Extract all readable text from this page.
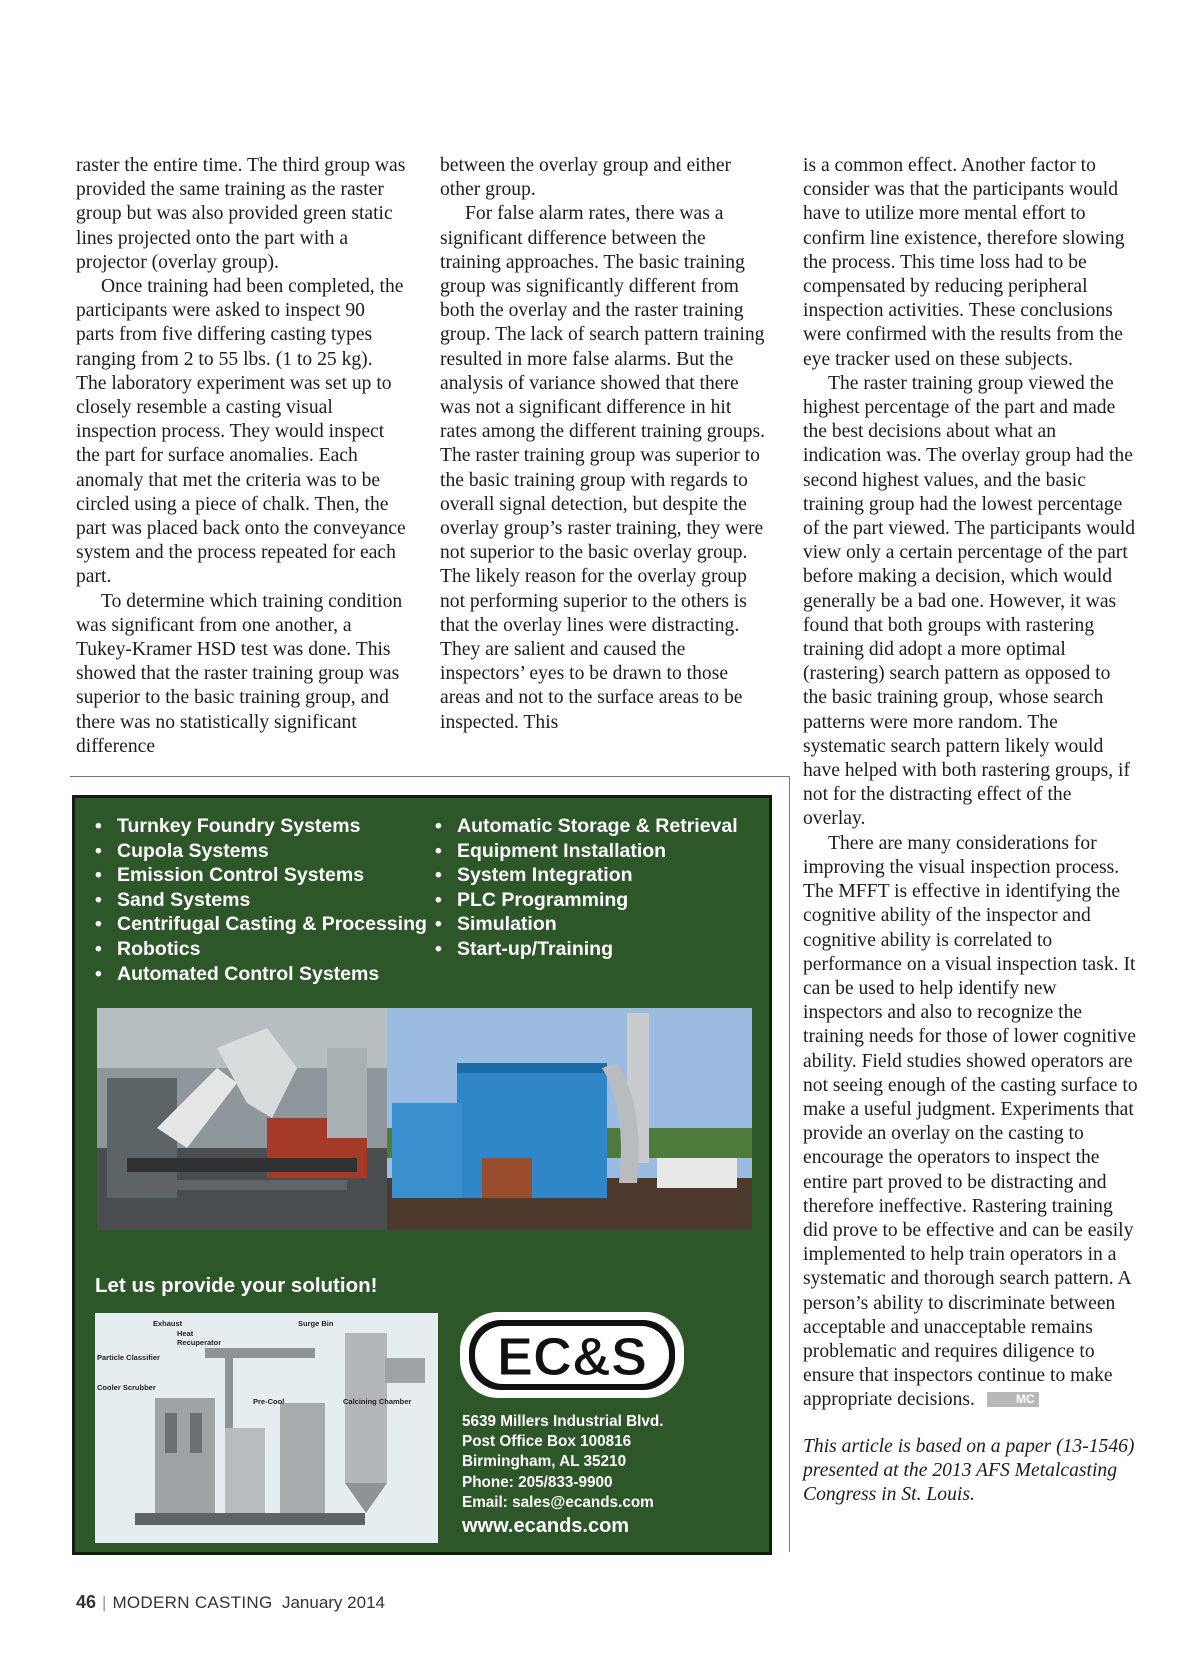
raster the entire time. The third group was provided the same training as the raster group but was also provided green static lines projected onto the part with a projector (overlay group).

Once training had been completed, the participants were asked to inspect 90 parts from five differing casting types ranging from 2 to 55 lbs. (1 to 25 kg). The laboratory experiment was set up to closely resemble a casting visual inspection process. They would inspect the part for surface anomalies. Each anomaly that met the criteria was to be circled using a piece of chalk. Then, the part was placed back onto the conveyance system and the process repeated for each part.

To determine which training condition was significant from one another, a Tukey-Kramer HSD test was done. This showed that the raster training group was superior to the basic training group, and there was no statistically significant difference

between the overlay group and either other group.

For false alarm rates, there was a significant difference between the training approaches. The basic training group was significantly different from both the overlay and the raster training group. The lack of search pattern training resulted in more false alarms. But the analysis of variance showed that there was not a significant difference in hit rates among the different training groups. The raster training group was superior to the basic training group with regards to overall signal detection, but despite the overlay group’s raster training, they were not superior to the basic overlay group. The likely reason for the overlay group not performing superior to the others is that the overlay lines were distracting. They are salient and caused the inspectors’ eyes to be drawn to those areas and not to the surface areas to be inspected. This

is a common effect. Another factor to consider was that the participants would have to utilize more mental effort to confirm line existence, therefore slowing the process. This time loss had to be compensated by reducing peripheral inspection activities. These conclusions were confirmed with the results from the eye tracker used on these subjects.

The raster training group viewed the highest percentage of the part and made the best decisions about what an indication was. The overlay group had the second highest values, and the basic training group had the lowest percentage of the part viewed. The participants would view only a certain percentage of the part before making a decision, which would generally be a bad one. However, it was found that both groups with rastering training did adopt a more optimal (rastering) search pattern as opposed to the basic training group, whose search patterns were more random. The systematic search pattern likely would have helped with both rastering groups, if not for the distracting effect of the overlay.

There are many considerations for improving the visual inspection process. The MFFT is effective in identifying the cognitive ability of the inspector and cognitive ability is correlated to performance on a visual inspection task. It can be used to help identify new inspectors and also to recognize the training needs for those of lower cognitive ability. Field studies showed operators are not seeing enough of the casting surface to make a useful judgment. Experiments that provide an overlay on the casting to encourage the operators to inspect the entire part proved to be distracting and therefore ineffective. Rastering training did prove to be effective and can be easily implemented to help train operators in a systematic and thorough search pattern. A person’s ability to discriminate between acceptable and unacceptable remains problematic and requires diligence to ensure that inspectors continue to make appropriate decisions.	MC

This article is based on a paper (13-1546) presented at the 2013 AFS Metalcasting Congress in St. Louis.

• Turnkey Foundry Systems
• Cupola Systems
• Emission Control Systems
• Sand Systems
• Centrifugal Casting & Processing
• Robotics
• Automated Control Systems
• Automatic Storage & Retrieval
• Equipment Installation
• System Integration
• PLC Programming
• Simulation
• Start-up/Training
Let us provide your solution!
Exhaust
Heat Recuperator
Surge Bin
Particle Classifier
Cooler Scrubber
Pre-Cool	Calcining Chamber
EC&S
5639 Millers Industrial Blvd.
Post Office Box 100816
Birmingham, AL 35210
Phone: 205/833-9900
Email: sales@ecands.com
www.ecands.com
46 | MODERN CASTING January 2014
